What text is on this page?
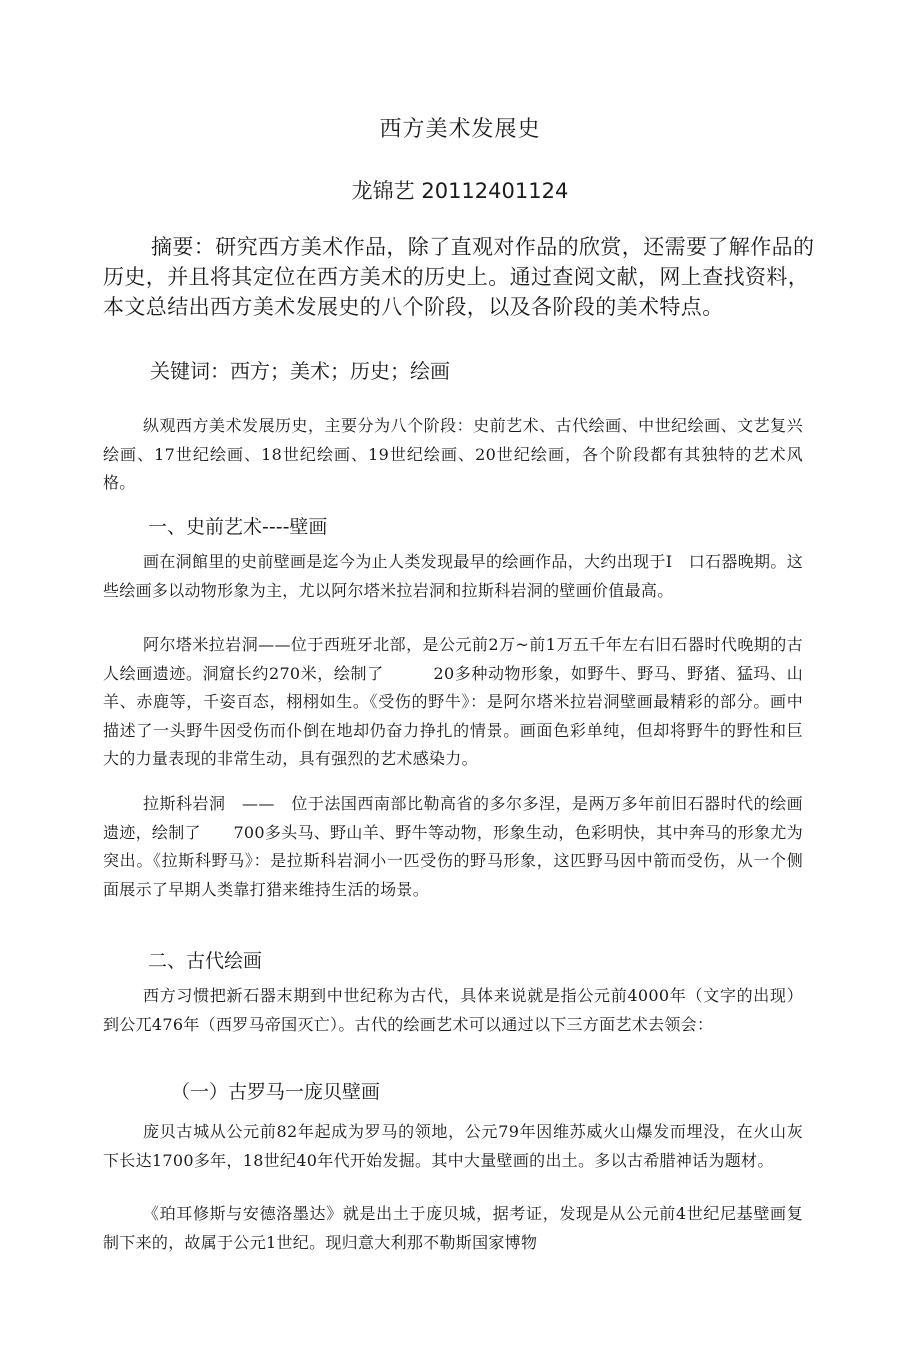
西方美术发展史
龙锦艺 20112401124
摘要：研究西方美术作品，除了直观对作品的欣赏，还需要了解作品的历史，并且将其定位在西方美术的历史上。通过查阅文献，网上查找资料，本文总结出西方美术发展史的八个阶段，以及各阶段的美术特点。
关键词：西方；美术；历史；绘画
纵观西方美术发展历史，主要分为八个阶段：史前艺术、古代绘画、中世纪绘画、文艺复兴绘画、17世纪绘画、18世纪绘画、19世纪绘画、20世纪绘画，各个阶段都有其独特的艺术风格。
一、史前艺术----壁画
画在洞館里的史前壁画是迄今为止人类发现最早的绘画作品，大约出现于I　口石器晚期。这些绘画多以动物形象为主，尤以阿尔塔米拉岩洞和拉斯科岩洞的壁画价值最高。
阿尔塔米拉岩洞——位于西班牙北部，是公元前2万~前1万五千年左右旧石器时代晚期的古人绘画遗迹。洞窟长约270米，绘制了　　　20多种动物形象，如野牛、野马、野猪、猛玛、山羊、赤鹿等，千姿百态，栩栩如生。《受伤的野牛》：是阿尔塔米拉岩洞壁画最精彩的部分。画中描述了一头野牛因受伤而仆倒在地却仍奋力挣扎的情景。画面色彩单纯，但却将野牛的野性和巨大的力量表现的非常生动，具有强烈的艺术感染力。
拉斯科岩洞　——　位于法国西南部比勒高省的多尔多涅，是两万多年前旧石器时代的绘画遗迹，绘制了　　700多头马、野山羊、野牛等动物，形象生动，色彩明快，其中奔马的形象尤为突出。《拉斯科野马》：是拉斯科岩洞小一匹受伤的野马形象，这匹野马因中箭而受伤，从一个侧面展示了早期人类靠打猎来维持生活的场景。
二、古代绘画
西方习惯把新石器末期到中世纪称为古代，具体来说就是指公元前4000年（文字的出现）到公兀476年（西罗马帝国灭亡）。古代的绘画艺术可以通过以下三方面艺术去领会：
（一）古罗马一庞贝壁画
庞贝古城从公元前82年起成为罗马的领地，公元79年因维苏威火山爆发而埋没，在火山灰下长达1700多年，18世纪40年代开始发掘。其中大量壁画的出土。多以古希腊神话为题材。
《珀耳修斯与安德洛墨达》就是出土于庞贝城，据考证，发现是从公元前4世纪尼基壁画复制下来的，故属于公元1世纪。现归意大利那不勒斯国家博物
